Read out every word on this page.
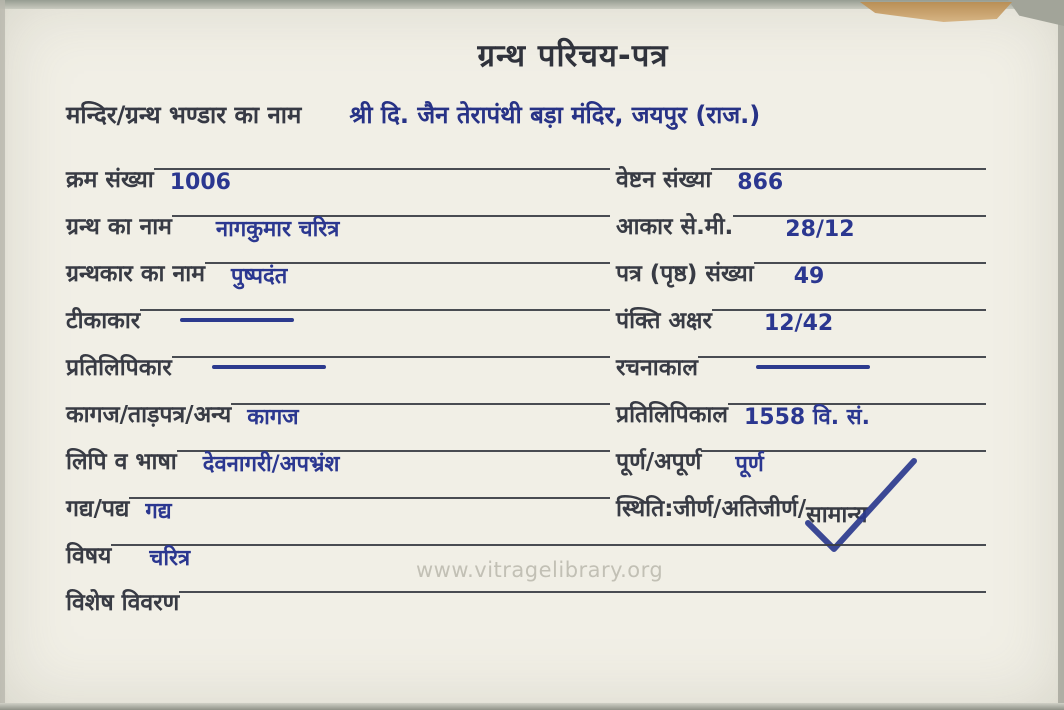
ग्रन्थ परिचय-पत्र
मन्दिर/ग्रन्थ भण्डार का नाम श्री दि. जैन तेरापंथी बड़ा मंदिर, जयपुर (राज.)
क्रम संख्या 1006	वेष्टन संख्या 866
ग्रन्थ का नाम नागकुमार चरित्र	आकार से.मी. 28/12
ग्रन्थकार का नाम पुष्पदंत	पत्र (पृष्ठ) संख्या 49
टीकाकार	पंक्ति अक्षर 12/42
प्रतिलिपिकार	रचनाकाल
कागज/ताड़पत्र/अन्य कागज	प्रतिलिपिकाल 1558 वि. सं.
लिपि व भाषा देवनागरी/अपभ्रंश	पूर्ण/अपूर्ण पूर्ण
गद्य/पद्य गद्य	स्थिति:जीर्ण/अतिजीर्ण/ सामान्य
विषय चरित्र
विशेष विवरण
www.vitragelibrary.org
